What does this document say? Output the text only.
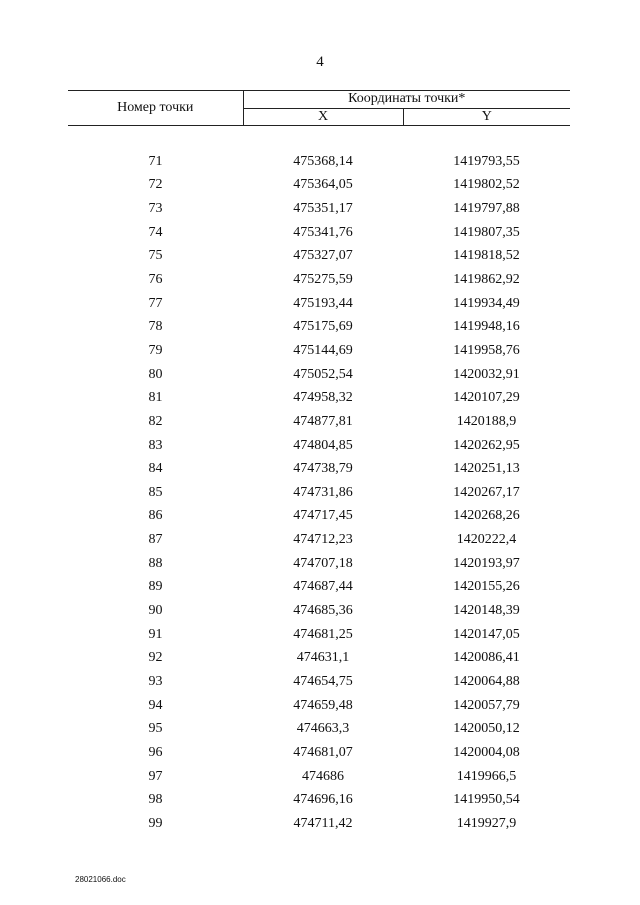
4
Номер точки	Координаты точки*	
	X	Y

71	475368,14	1419793,55
72	475364,05	1419802,52
73	475351,17	1419797,88
74	475341,76	1419807,35
75	475327,07	1419818,52
76	475275,59	1419862,92
77	475193,44	1419934,49
78	475175,69	1419948,16
79	475144,69	1419958,76
80	475052,54	1420032,91
81	474958,32	1420107,29
82	474877,81	1420188,9
83	474804,85	1420262,95
84	474738,79	1420251,13
85	474731,86	1420267,17
86	474717,45	1420268,26
87	474712,23	1420222,4
88	474707,18	1420193,97
89	474687,44	1420155,26
90	474685,36	1420148,39
91	474681,25	1420147,05
92	474631,1	1420086,41
93	474654,75	1420064,88
94	474659,48	1420057,79
95	474663,3	1420050,12
96	474681,07	1420004,08
97	474686	1419966,5
98	474696,16	1419950,54
99	474711,42	1419927,9
28021066.doc
